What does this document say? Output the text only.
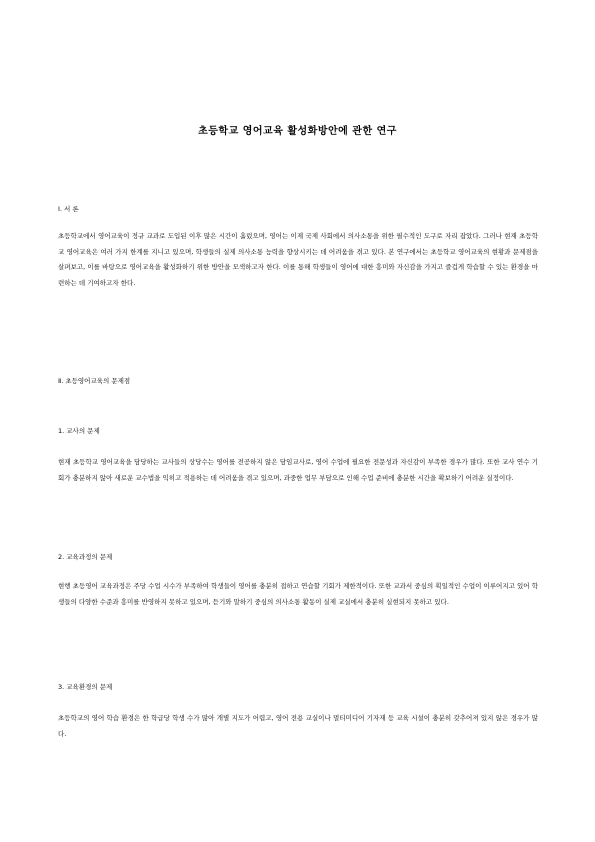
초등학교 영어교육 활성화방안에 관한 연구
Ⅰ. 서 론

초등학교에서 영어교육이 정규 교과로 도입된 이후 많은 시간이 흘렀으며, 영어는 이제 국제 사회에서 의사소통을 위한 필수적인 도구로 자리 잡았다. 그러나 현재 초등학교 영어교육은 여러 가지 한계를 지니고 있으며, 학생들의 실제 의사소통 능력을 향상시키는 데 어려움을 겪고 있다. 본 연구에서는 초등학교 영어교육의 현황과 문제점을 살펴보고, 이를 바탕으로 영어교육을 활성화하기 위한 방안을 모색하고자 한다. 이를 통해 학생들이 영어에 대한 흥미와 자신감을 가지고 즐겁게 학습할 수 있는 환경을 마련하는 데 기여하고자 한다.

Ⅱ. 초등영어교육의 문제점
1. 교사의 문제

현재 초등학교 영어교육을 담당하는 교사들의 상당수는 영어를 전공하지 않은 담임교사로, 영어 수업에 필요한 전문성과 자신감이 부족한 경우가 많다. 또한 교사 연수 기회가 충분하지 않아 새로운 교수법을 익히고 적용하는 데 어려움을 겪고 있으며, 과중한 업무 부담으로 인해 수업 준비에 충분한 시간을 확보하기 어려운 실정이다.

2. 교육과정의 문제

현행 초등영어 교육과정은 주당 수업 시수가 부족하여 학생들이 영어를 충분히 접하고 연습할 기회가 제한적이다. 또한 교과서 중심의 획일적인 수업이 이루어지고 있어 학생들의 다양한 수준과 흥미를 반영하지 못하고 있으며, 듣기와 말하기 중심의 의사소통 활동이 실제 교실에서 충분히 실현되지 못하고 있다.

3. 교육환경의 문제

초등학교의 영어 학습 환경은 한 학급당 학생 수가 많아 개별 지도가 어렵고, 영어 전용 교실이나 멀티미디어 기자재 등 교육 시설이 충분히 갖추어져 있지 않은 경우가 많다.
